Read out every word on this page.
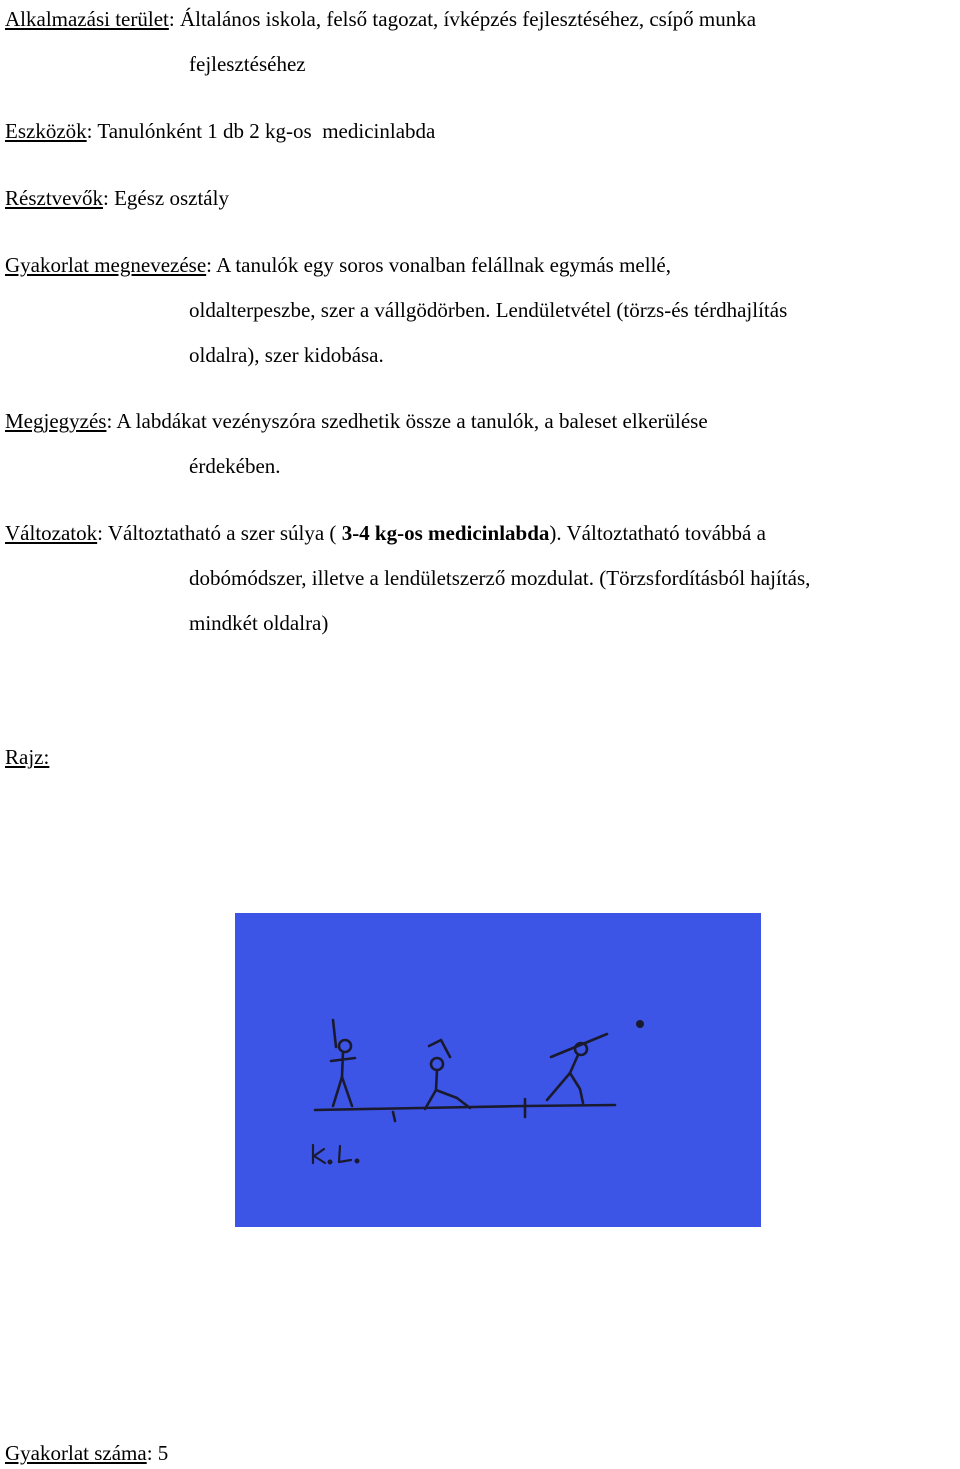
Alkalmazási terület: Általános iskola, felső tagozat, ívképzés fejlesztéséhez, csípő munka
fejlesztéséhez
Eszközök: Tanulónként 1 db 2 kg-os  medicinlabda
Résztvevők: Egész osztály
Gyakorlat megnevezése: A tanulók egy soros vonalban felállnak egymás mellé,
oldalterpeszbe, szer a vállgödörben. Lendületvétel (törzs-és térdhajlítás
oldalra), szer kidobása.
Megjegyzés: A labdákat vezényszóra szedhetik össze a tanulók, a baleset elkerülése
érdekében.
Változatok: Változtatható a szer súlya ( 3-4 kg-os medicinlabda). Változtatható továbbá a
dobómódszer, illetve a lendületszerző mozdulat. (Törzsfordításból hajítás,
mindkét oldalra)
Rajz:
Gyakorlat száma: 5
